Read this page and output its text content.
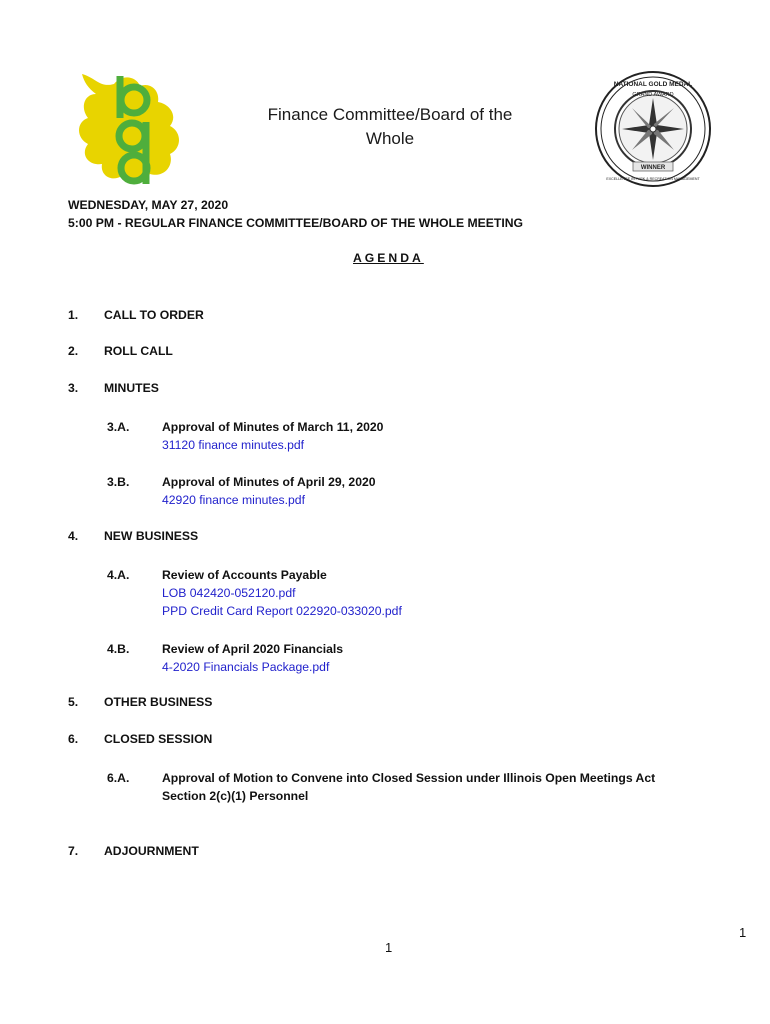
NATIONAL GOLD MEDAL
GRAND AWARD
WINNER
EXCELLENCE IN PARK & RECREATION MANAGEMENT
Finance Committee/Board of the
Whole
WEDNESDAY, MAY 27, 2020
5:00 PM - REGULAR FINANCE COMMITTEE/BOARD OF THE WHOLE MEETING
AGENDA
1.	CALL TO ORDER
2.	ROLL CALL
3.	MINUTES
3.A.	Approval of Minutes of March 11, 2020
31120 finance minutes.pdf
3.B.	Approval of Minutes of April 29, 2020
42920 finance minutes.pdf
4.	NEW BUSINESS
4.A.	Review of Accounts Payable
LOB 042420-052120.pdf
PPD Credit Card Report 022920-033020.pdf
4.B.	Review of April 2020 Financials
4-2020 Financials Package.pdf
5.	OTHER BUSINESS
6.	CLOSED SESSION
6.A.	Approval of Motion to Convene into Closed Session under Illinois Open Meetings Act
Section 2(c)(1) Personnel
7.	ADJOURNMENT
1
1
